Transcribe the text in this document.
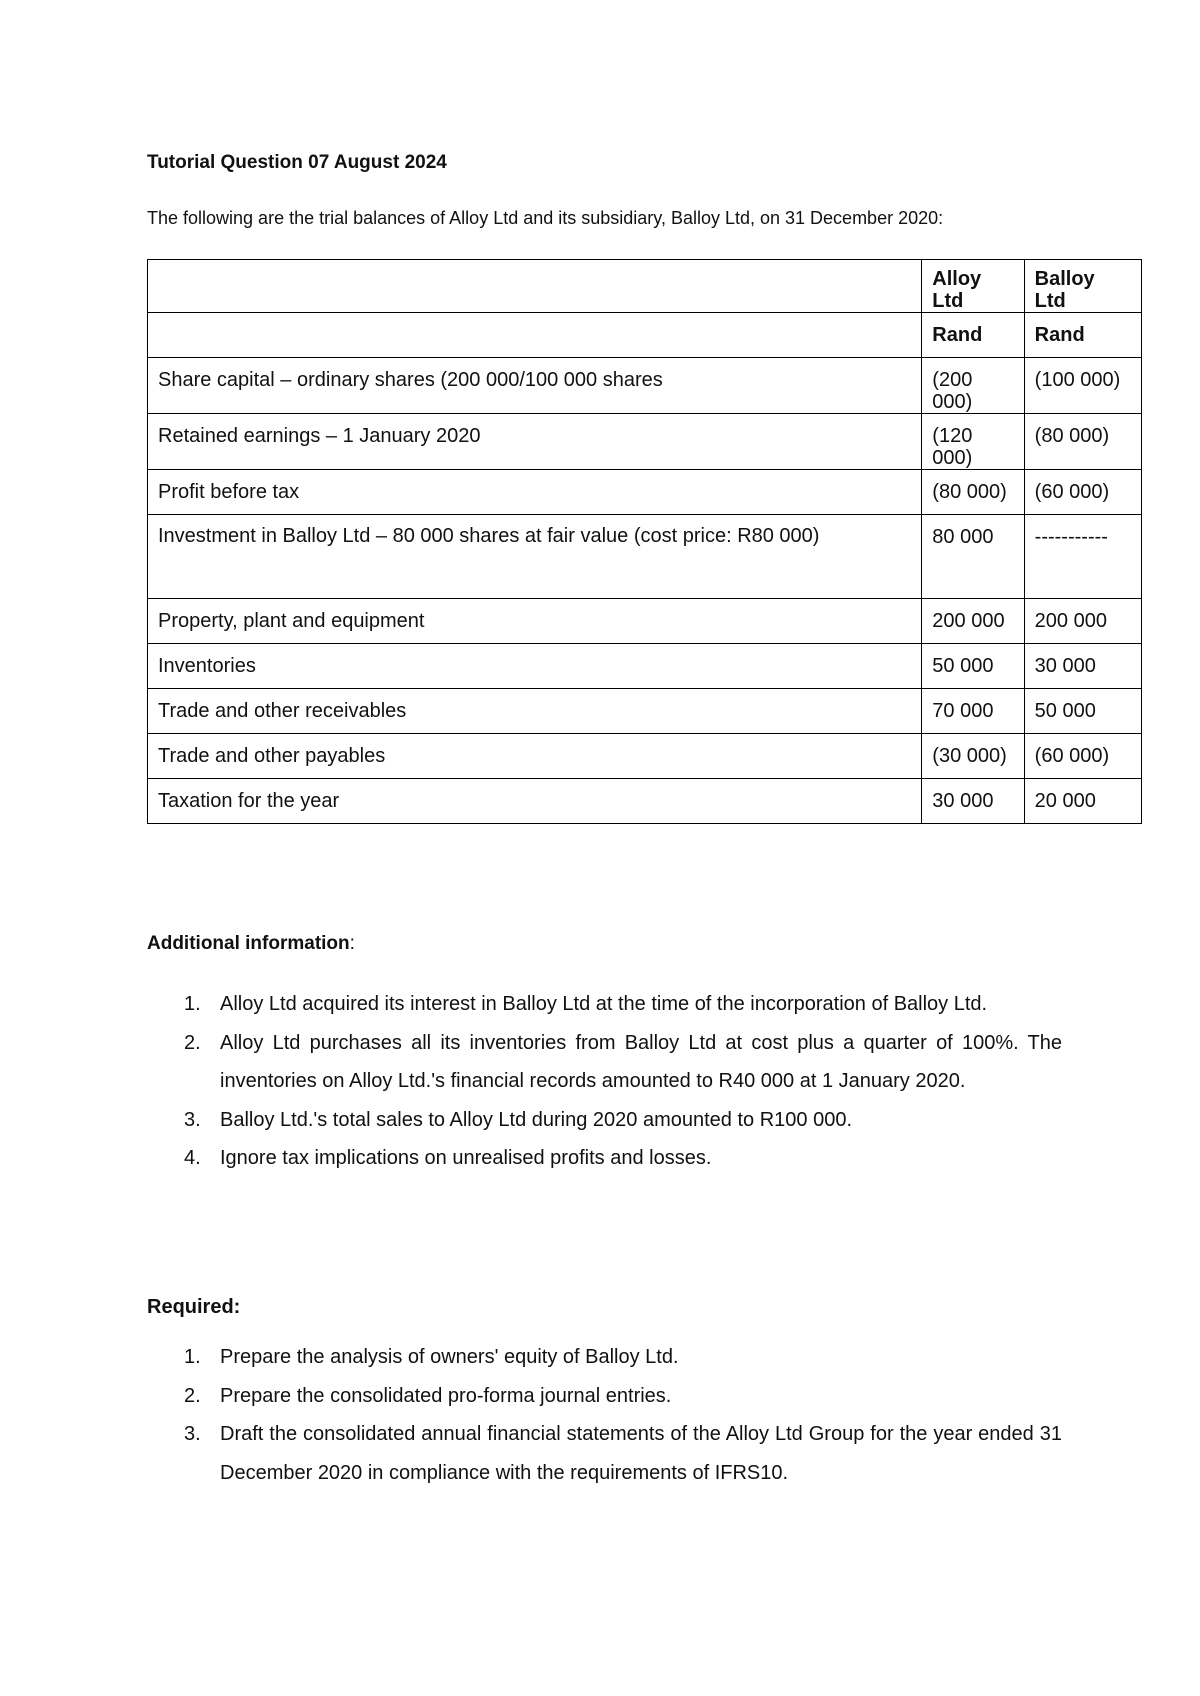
Tutorial Question 07 August 2024

The following are the trial balances of Alloy Ltd and its subsidiary, Balloy Ltd, on 31 December 2020:

	Alloy Ltd	Balloy Ltd
	Rand	Rand
Share capital – ordinary shares (200 000/100 000 shares	(200 000)	(100 000)
Retained earnings – 1 January 2020	(120 000)	(80 000)
Profit before tax	(80 000)	(60 000)
Investment in Balloy Ltd – 80 000 shares at fair value (cost price: R80 000)	80 000	-----------
Property, plant and equipment	200 000	200 000
Inventories	50 000	30 000
Trade and other receivables	70 000	50 000
Trade and other payables	(30 000)	(60 000)
Taxation for the year	30 000	20 000

Additional information:

1. Alloy Ltd acquired its interest in Balloy Ltd at the time of the incorporation of Balloy Ltd.
2. Alloy Ltd purchases all its inventories from Balloy Ltd at cost plus a quarter of 100%. The inventories on Alloy Ltd.'s financial records amounted to R40 000 at 1 January 2020.
3. Balloy Ltd.'s total sales to Alloy Ltd during 2020 amounted to R100 000.
4. Ignore tax implications on unrealised profits and losses.

Required:

1. Prepare the analysis of owners' equity of Balloy Ltd.
2. Prepare the consolidated pro-forma journal entries.
3. Draft the consolidated annual financial statements of the Alloy Ltd Group for the year ended 31 December 2020 in compliance with the requirements of IFRS10.
